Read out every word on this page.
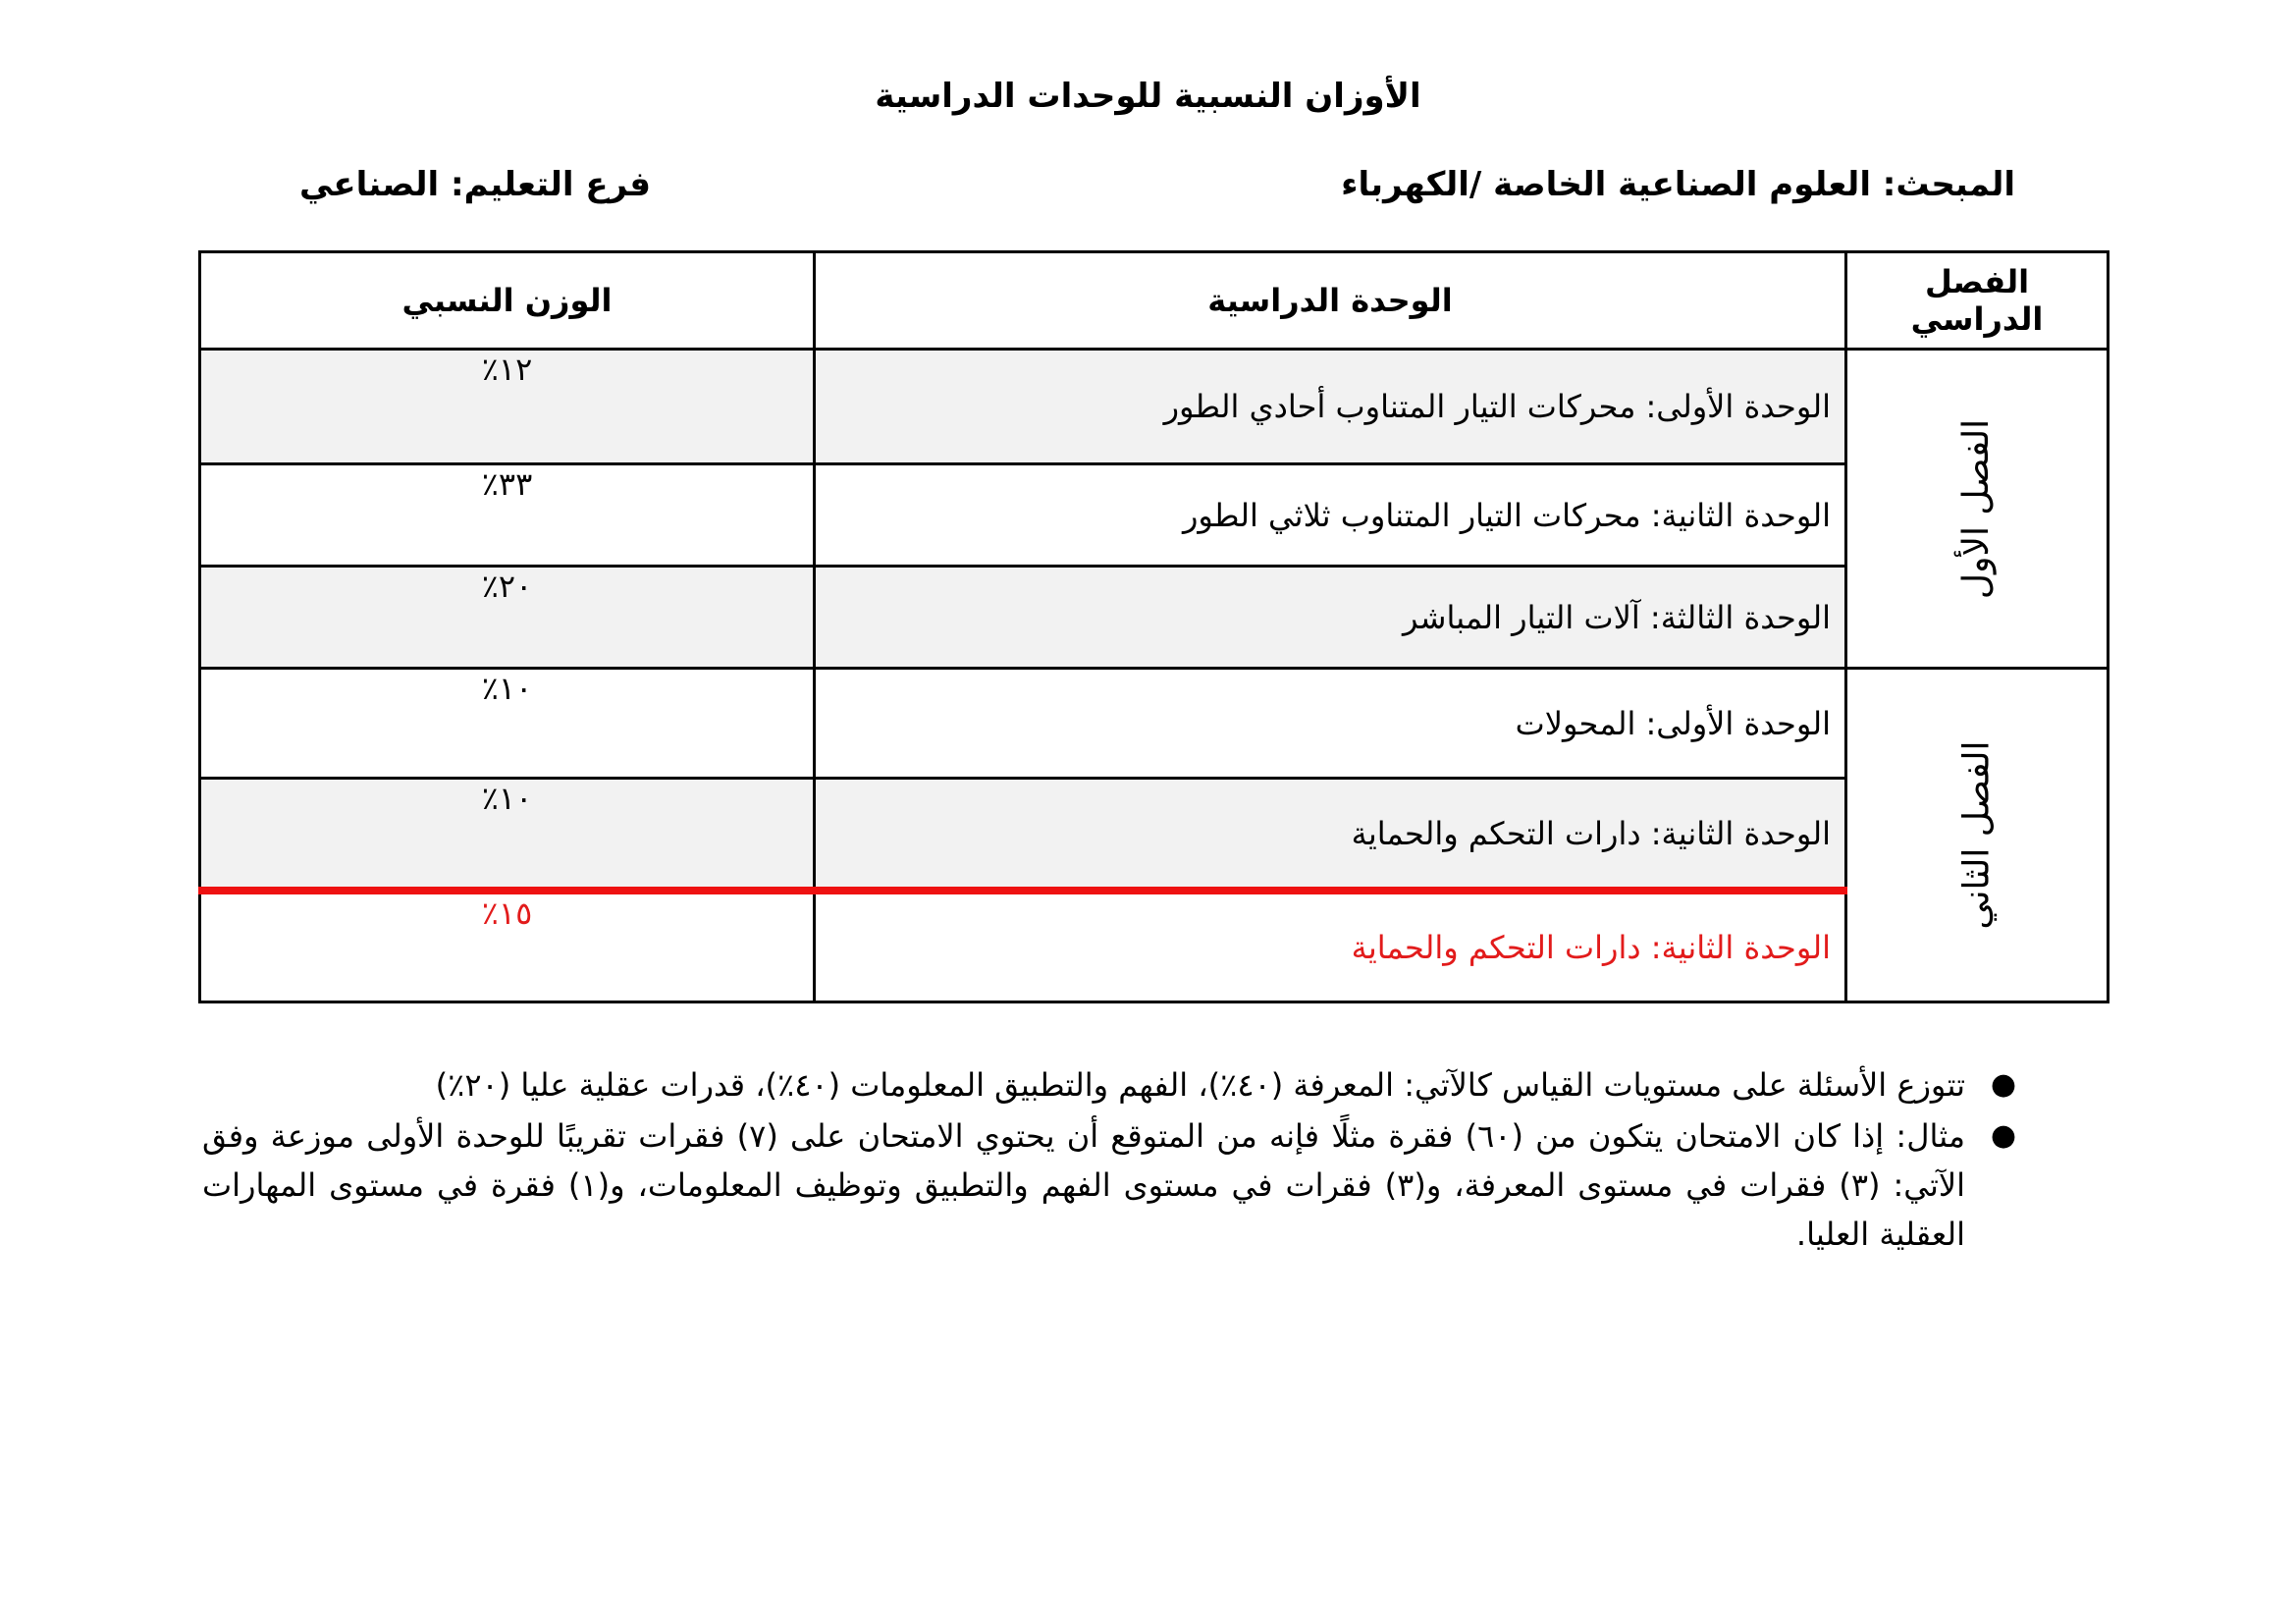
الأوزان النسبية للوحدات الدراسية
المبحث: العلوم الصناعية الخاصة /الكهرباء
فرع التعليم: الصناعي
الفصل الدراسي	الوحدة الدراسية	الوزن النسبي
الفصل الأول	الوحدة الأولى: محركات التيار المتناوب أحادي الطور	١٢٪
	الوحدة الثانية: محركات التيار المتناوب ثلاثي الطور	٣٣٪
	الوحدة الثالثة: آلات التيار المباشر	٢٠٪
الفصل الثاني	الوحدة الأولى: المحولات	١٠٪
	الوحدة الثانية: دارات التحكم والحماية	١٠٪
	الوحدة الثانية: دارات التحكم والحماية	١٥٪
●
تتوزع الأسئلة على مستويات القياس كالآتي: المعرفة (٤٠٪)، الفهم والتطبيق المعلومات (٤٠٪)، قدرات عقلية عليا (٢٠٪)
●
مثال: إذا كان الامتحان يتكون من (٦٠) فقرة مثلًا فإنه من المتوقع أن يحتوي الامتحان على (٧) فقرات تقريبًا للوحدة الأولى موزعة وفق الآتي: (٣) فقرات في مستوى المعرفة، و(٣) فقرات في مستوى الفهم والتطبيق وتوظيف المعلومات، و(١) فقرة في مستوى المهارات العقلية العليا.
